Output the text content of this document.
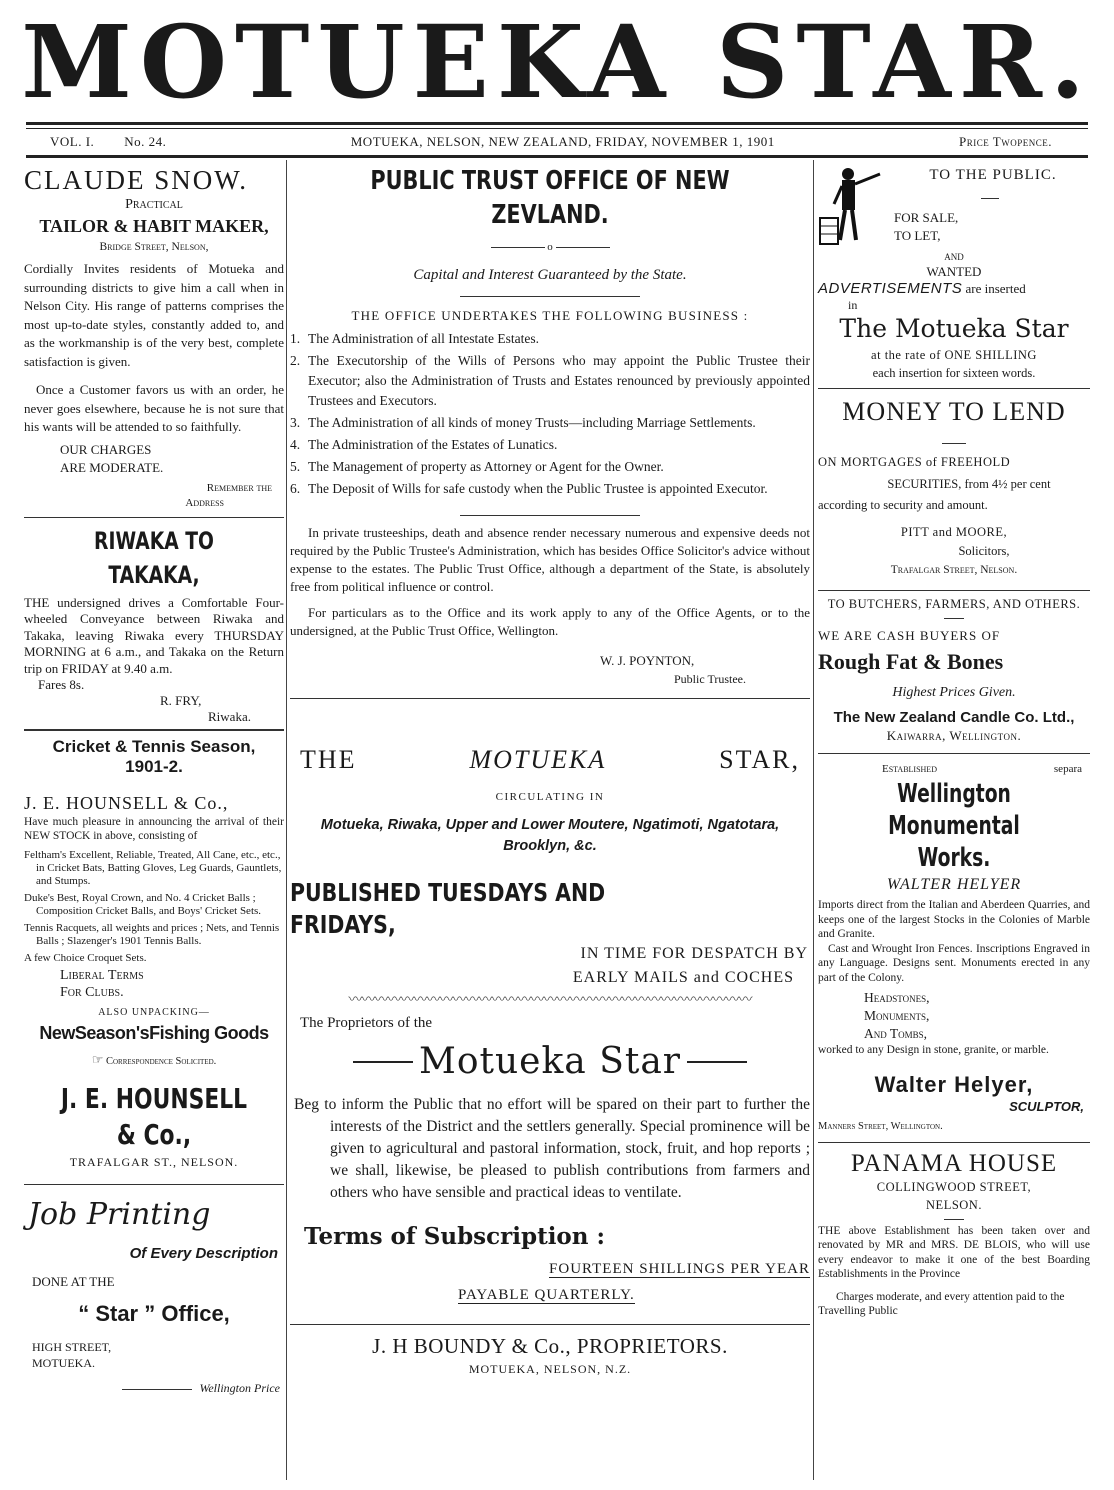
MOTUEKA STAR.
VOL. I. No. 24.	MOTUEKA, NELSON, NEW ZEALAND, FRIDAY, NOVEMBER 1, 1901	Price Twopence.
CLAUDE SNOW.
Practical
TAILOR & HABIT MAKER,
Bridge Street, Nelson,

Cordially Invites residents of Motueka and surrounding districts to give him a call when in Nelson City. His range of patterns comprises the most up-to-date styles, constantly added to, and as the workmanship is of the very best, complete satisfaction is given.

Once a Customer favors us with an order, he never goes elsewhere, because he is not sure that his wants will be attended to so faithfully.

OUR CHARGES
ARE MODERATE.
Remember the
Address
RIWAKA TO TAKAKA,

THE undersigned drives a Comfortable Four-wheeled Conveyance between Riwaka and Takaka, leaving Riwaka every THURSDAY MORNING at 6 a.m., and Takaka on the Return trip on FRIDAY at 9.40 a.m.

Fares 8s.
R. FRY,
Riwaka.
Cricket & Tennis Season,
1901-2.
J. E. HOUNSELL & Co.,

Have much pleasure in announcing the arrival of their NEW STOCK in above, consisting of

Feltham's Excellent, Reliable, Treated, All Cane, etc., etc., in Cricket Bats, Batting Gloves, Leg Guards, Gauntlets, and Stumps.

Duke's Best, Royal Crown, and No. 4 Cricket Balls ; Composition Cricket Balls, and Boys' Cricket Sets.

Tennis Racquets, all weights and prices ; Nets, and Tennis Balls ; Slazenger's 1901 Tennis Balls.

A few Choice Croquet Sets.

Liberal Terms
For Clubs.
ALSO UNPACKING—
NewSeason'sFishing Goods
☞ Correspondence Solicited.
J. E. HOUNSELL & Co.,
TRAFALGAR ST., NELSON.
Job Printing
Of Every Description
DONE AT THE
“ Star ” Office,
HIGH STREET,
MOTUEKA.
Wellington Price
PUBLIC TRUST OFFICE OF NEW ZEVLAND.
o
Capital and Interest Guaranteed by the State.
THE OFFICE UNDERTAKES THE FOLLOWING BUSINESS :
1. The Administration of all Intestate Estates.
2. The Executorship of the Wills of Persons who may appoint the Public Trustee their Executor; also the Administration of Trusts and Estates renounced by previously appointed Trustees and Executors.
3. The Administration of all kinds of money Trusts—including Marriage Settlements.
4. The Administration of the Estates of Lunatics.
5. The Management of property as Attorney or Agent for the Owner.
6. The Deposit of Wills for safe custody when the Public Trustee is appointed Executor.

In private trusteeships, death and absence render necessary numerous and expensive deeds not required by the Public Trustee's Administration, which has besides Office Solicitor's advice without expense to the estates. The Public Trust Office, although a department of the State, is absolutely free from political influence or control.

For particulars as to the Office and its work apply to any of the Office Agents, or to the undersigned, at the Public Trust Office, Wellington.

W. J. POYNTON,
Public Trustee.
THE	MOTUEKA	STAR,
CIRCULATING IN
Motueka, Riwaka, Upper and Lower Moutere, Ngatimoti, Ngatotara, Brooklyn, &c.
PUBLISHED TUESDAYS AND FRIDAYS,
IN TIME FOR DESPATCH BY
EARLY MAILS and COCHES
〰〰〰〰〰〰〰〰〰〰〰〰〰〰〰〰〰〰〰〰〰〰〰〰〰〰〰〰〰〰〰
The Proprietors of the
Motueka Star

Beg to inform the Public that no effort will be spared on their part to further the interests of the District and the settlers generally. Special prominence will be given to agricultural and pastoral information, stock, fruit, and hop reports ; we shall, likewise, be pleased to publish contributions from farmers and others who have sensible and practical ideas to ventilate.

Terms of Subscription :
FOURTEEN SHILLINGS PER YEAR
PAYABLE QUARTERLY.
J. H BOUNDY & Co., PROPRIETORS.
MOTUEKA, NELSON, N.Z.
TO THE PUBLIC.
FOR SALE,
TO LET,
AND
WANTED
ADVERTISEMENTS are inserted
in
The Motueka Star
at the rate of ONE SHILLING
each insertion for sixteen words.
MONEY TO LEND
ON MORTGAGES of FREEHOLD
SECURITIES, from 4½ per cent
according to security and amount.
PITT and MOORE,
Solicitors,
Trafalgar Street, Nelson.
TO BUTCHERS, FARMERS, AND OTHERS.
WE ARE CASH BUYERS OF
Rough Fat & Bones
Highest Prices Given.
The New Zealand Candle Co. Ltd.,
Kaiwarra, Wellington.
Established	separa
Wellington Monumental Works.
WALTER HELYER

Imports direct from the Italian and Aberdeen Quarries, and keeps one of the largest Stocks in the Colonies of Marble and Granite.

Cast and Wrought Iron Fences. Inscriptions Engraved in any Language. Designs sent. Monuments erected in any part of the Colony.

Headstones,
Monuments,
And Tombs,

worked to any Design in stone, granite, or marble.

Walter Helyer,
SCULPTOR,
Manners Street, Wellington.
PANAMA HOUSE
COLLINGWOOD STREET,
NELSON.

THE above Establishment has been taken over and renovated by MR and MRS. DE BLOIS, who will use every endeavor to make it one of the best Boarding Establishments in the Province

Charges moderate, and every attention paid to the Travelling Public
